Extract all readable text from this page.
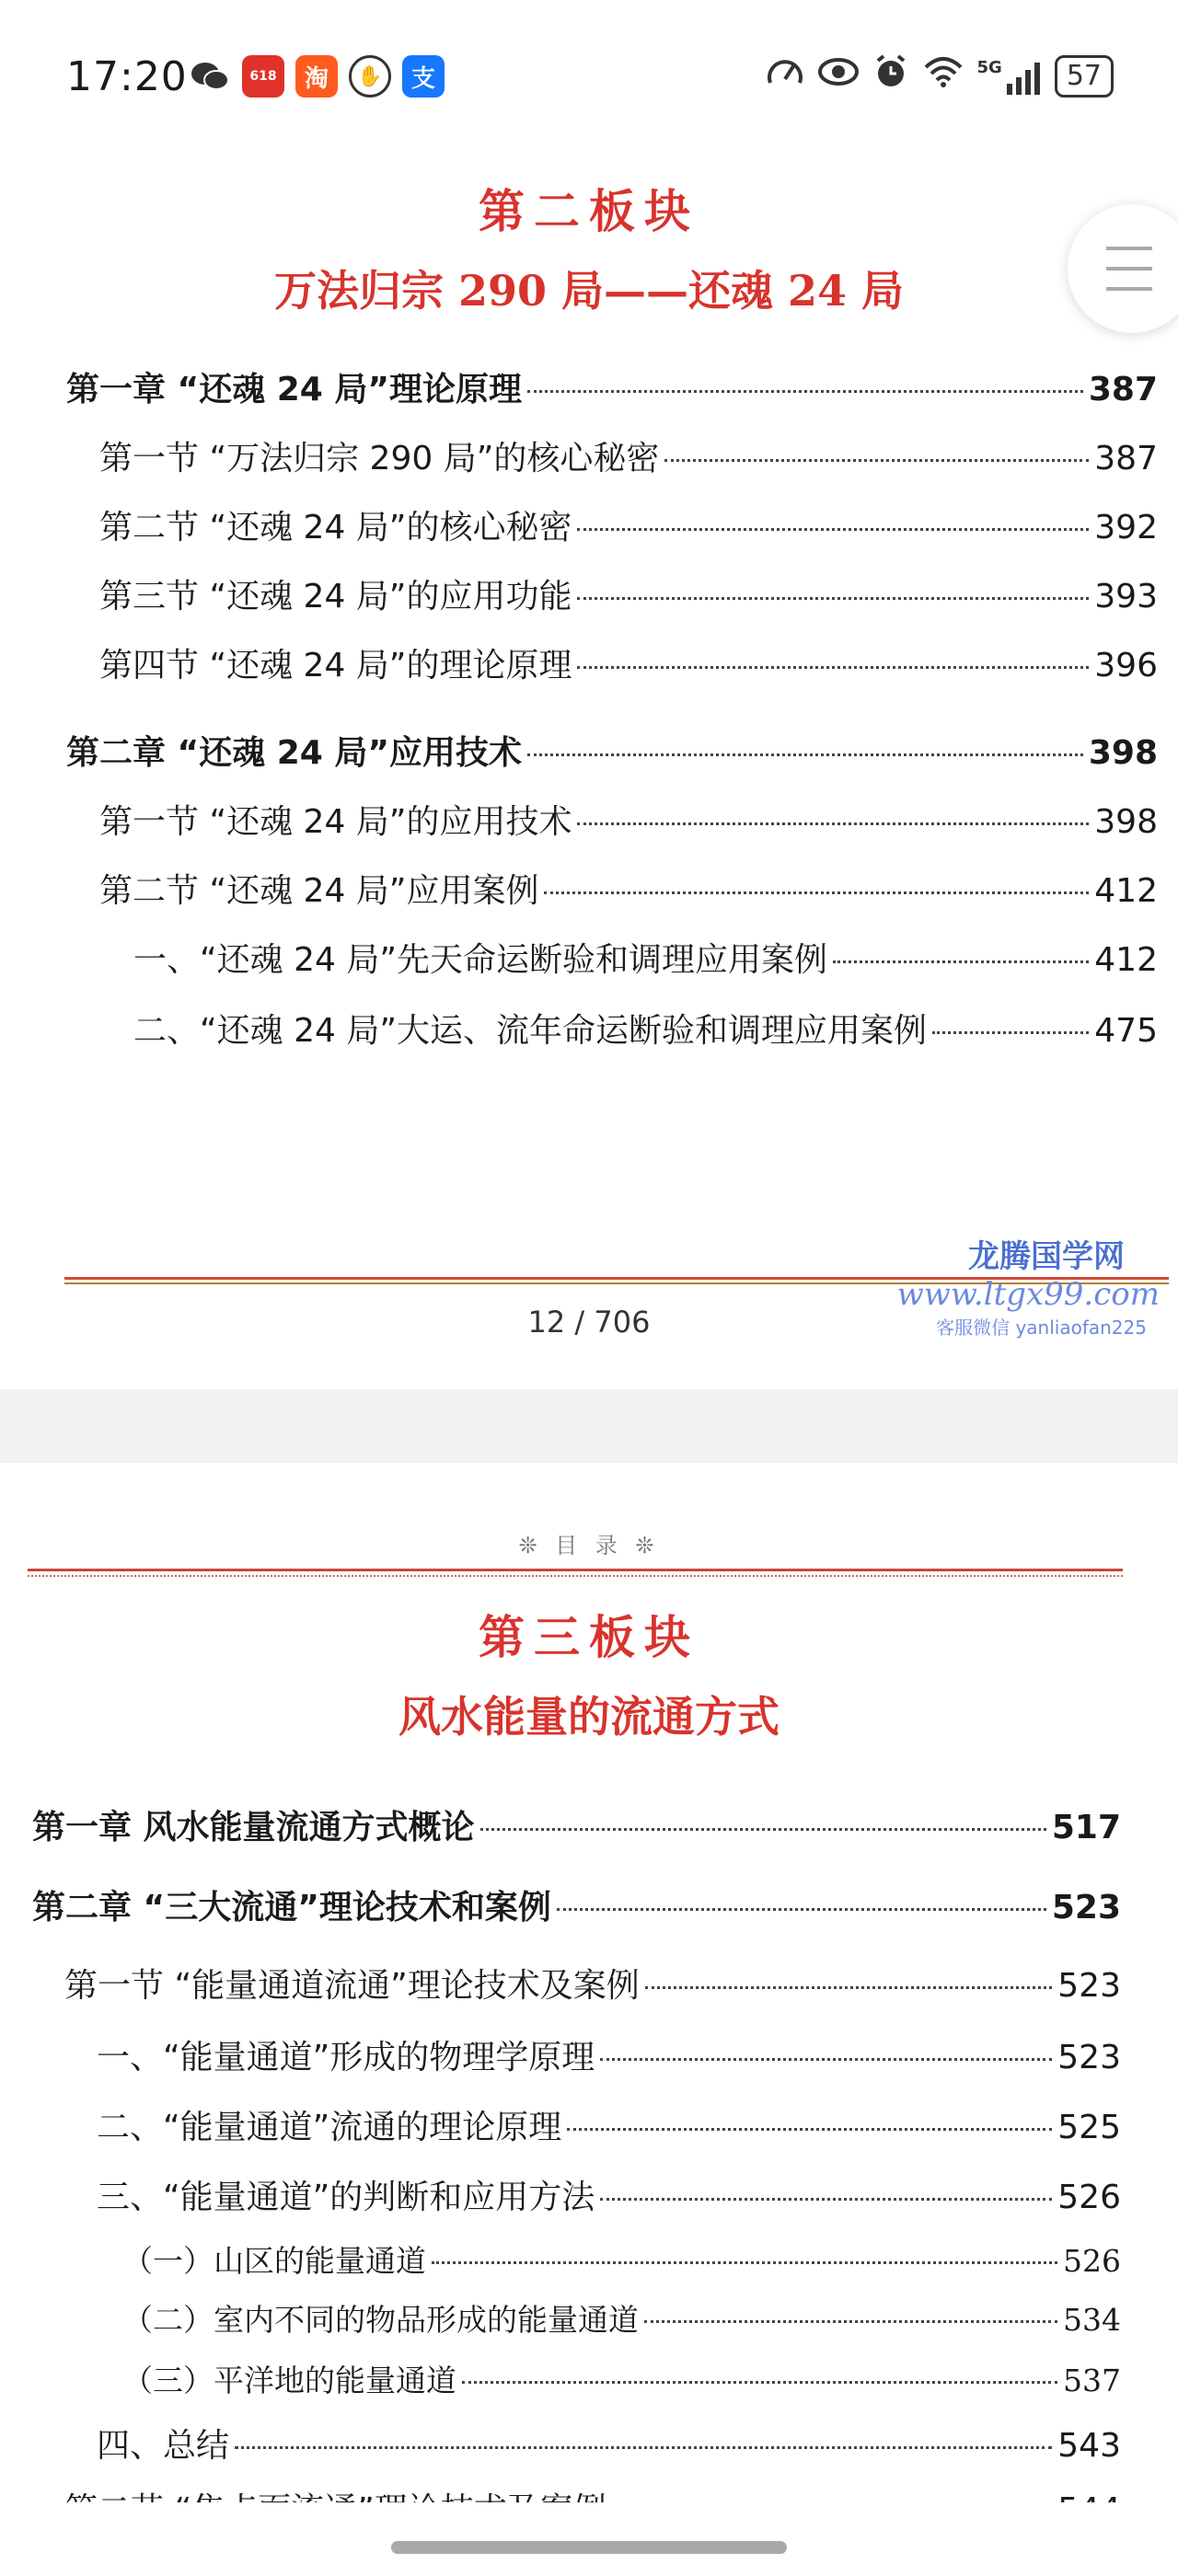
17:20	618 淘	✋	支	5G	57
第二板块
万法归宗 290 局——还魂 24 局
第一章 “还魂 24 局”理论原理	387
第一节 “万法归宗 290 局”的核心秘密	387
第二节 “还魂 24 局”的核心秘密	392
第三节 “还魂 24 局”的应用功能	393
第四节 “还魂 24 局”的理论原理	396
第二章 “还魂 24 局”应用技术	398
第一节 “还魂 24 局”的应用技术	398
第二节 “还魂 24 局”应用案例	412
一、“还魂 24 局”先天命运断验和调理应用案例	412
二、“还魂 24 局”大运、流年命运断验和调理应用案例	475
龙腾国学网
www.ltgx99.com
客服微信 yanliaofan225
12 / 706
❊ 目 录 ❊
第三板块
风水能量的流通方式
第一章 风水能量流通方式概论	517
第二章 “三大流通”理论技术和案例	523
第一节 “能量通道流通”理论技术及案例	523
一、“能量通道”形成的物理学原理	523
二、“能量通道”流通的理论原理	525
三、“能量通道”的判断和应用方法	526
（一）山区的能量通道	526
（二）室内不同的物品形成的能量通道	534
（三）平洋地的能量通道	537
四、总结	543
